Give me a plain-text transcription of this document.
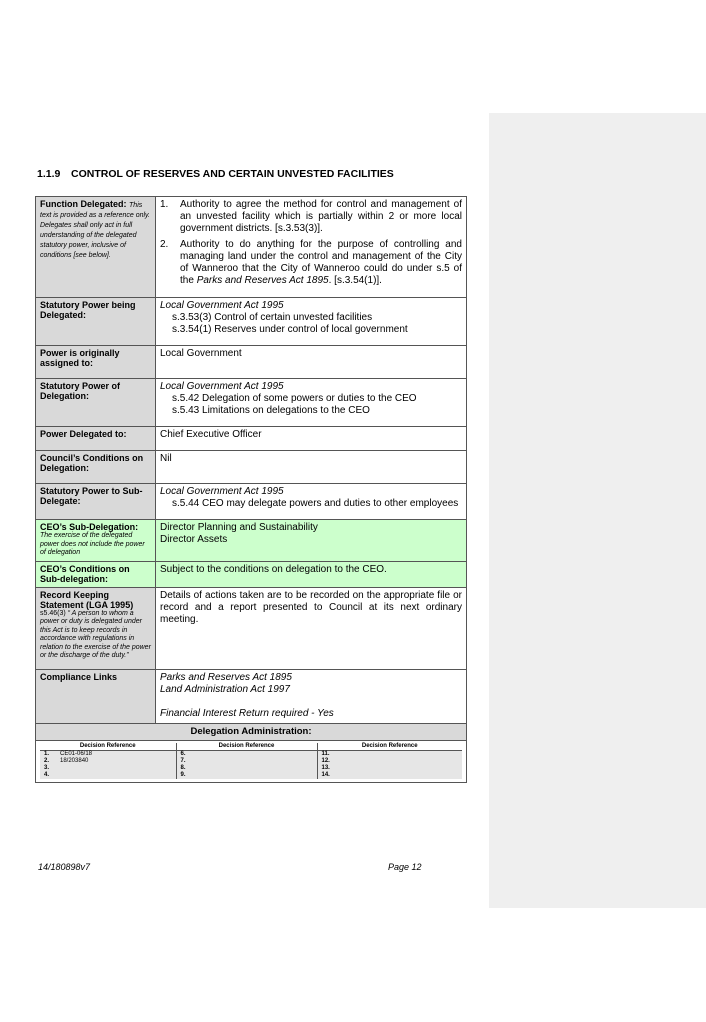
1.1.9 CONTROL OF RESERVES AND CERTAIN UNVESTED FACILITIES
Function Delegated: This text is provided as a reference only. Delegates shall only act in full understanding of the delegated statutory power, inclusive of conditions [see below].	
1.	Authority to agree the method for control and management of an unvested facility which is partially within 2 or more local government districts. [s.3.53(3)].
2.	Authority to do anything for the purpose of controlling and managing land under the control and management of the City of Wanneroo that the City of Wanneroo could do under s.5 of the Parks and Reserves Act 1895. [s.3.54(1)].

Statutory Power being Delegated:	
Local Government Act 1995
s.3.53(3) Control of certain unvested facilities
s.3.54(1) Reserves under control of local government

Power is originally assigned to:	Local Government
Statutory Power of Delegation:	
Local Government Act 1995
s.5.42 Delegation of some powers or duties to the CEO
s.5.43 Limitations on delegations to the CEO

Power Delegated to:	Chief Executive Officer
Council’s Conditions on Delegation:	Nil
Statutory Power to Sub-Delegate:	
Local Government Act 1995
s.5.44 CEO may delegate powers and duties to other employees

CEO’s Sub-Delegation:
The exercise of the delegated power does not include the power of delegation

Director Planning and Sustainability
Director Assets

CEO’s Conditions on Sub-delegation:	Subject to the conditions on delegation to the CEO.
Record Keeping Statement (LGA 1995)
s5.46(3) “ A person to whom a power or duty is delegated under this Act is to keep records in accordance with regulations in relation to the exercise of the power or the discharge of the duty.”
	Details of actions taken are to be recorded on the appropriate file or record and a report presented to Council at its next ordinary meeting.
Compliance Links	Parks and Reserves Act 1895
Land Administration Act 1997
Financial Interest Return required - Yes

Delegation Administration:

Decision Reference	Decision Reference	Decision Reference
1. CE01-06/18	6.	11.
2. 18/203840	7.	12.
3.	8.	13.
4.	9.	14.
14/180898v7	Page 12
